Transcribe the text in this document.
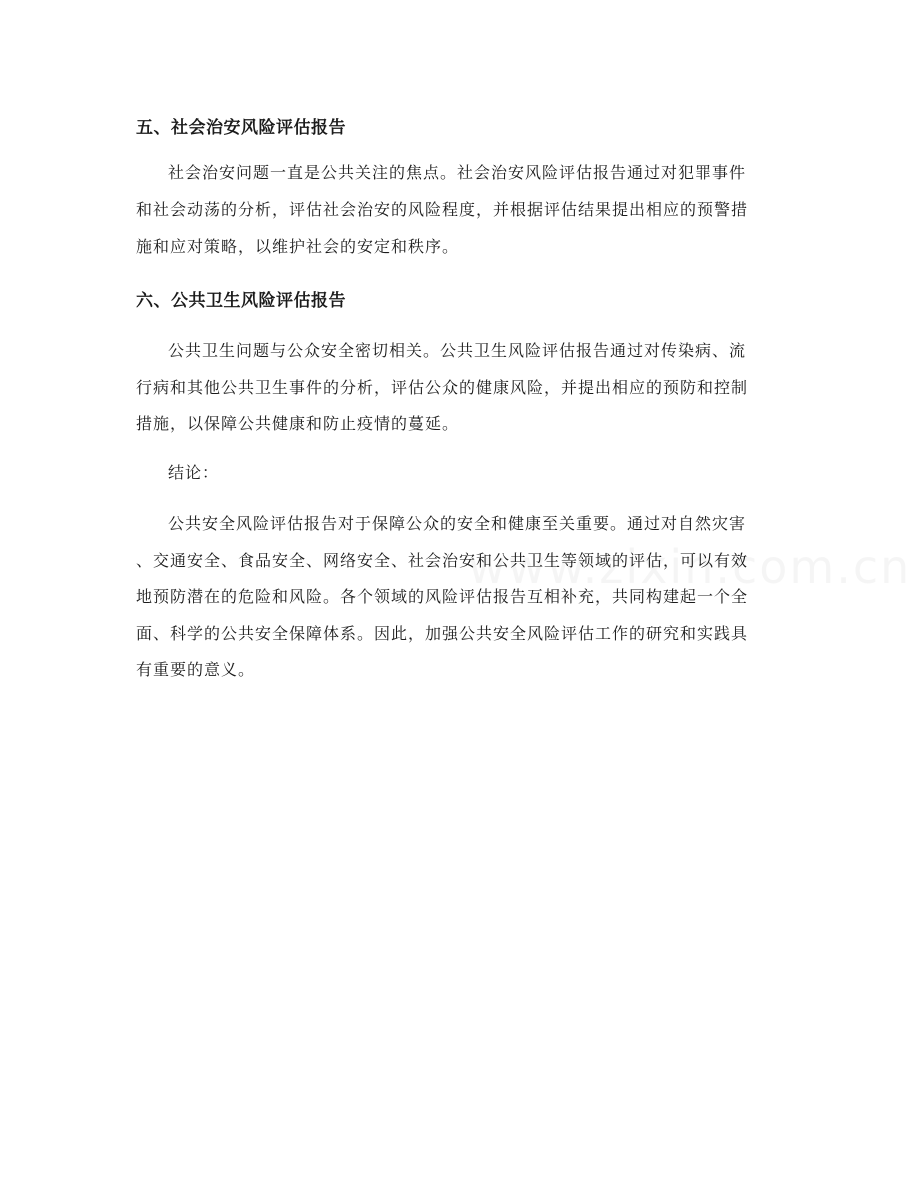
五、社会治安风险评估报告
社会治安问题一直是公共关注的焦点。社会治安风险评估报告通过对犯罪事件
和社会动荡的分析，评估社会治安的风险程度，并根据评估结果提出相应的预警措
施和应对策略，以维护社会的安定和秩序。
六、公共卫生风险评估报告
公共卫生问题与公众安全密切相关。公共卫生风险评估报告通过对传染病、流
行病和其他公共卫生事件的分析，评估公众的健康风险，并提出相应的预防和控制
措施，以保障公共健康和防止疫情的蔓延。
结论：
公共安全风险评估报告对于保障公众的安全和健康至关重要。通过对自然灾害
、交通安全、食品安全、网络安全、社会治安和公共卫生等领域的评估，可以有效
地预防潜在的危险和风险。各个领域的风险评估报告互相补充，共同构建起一个全
面、科学的公共安全保障体系。因此，加强公共安全风险评估工作的研究和实践具
有重要的意义。
